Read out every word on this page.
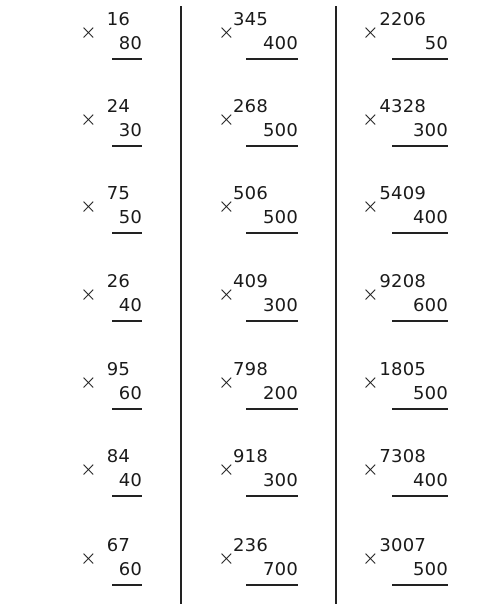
×
16
80
×
24
30
×
75
50
×
26
40
×
95
60
×
84
40
×
67
60
×
345
400
×
268
500
×
506
500
×
409
300
×
798
200
×
918
300
×
236
700
×
2206
50
×
4328
300
×
5409
400
×
9208
600
×
1805
500
×
7308
400
×
3007
500
